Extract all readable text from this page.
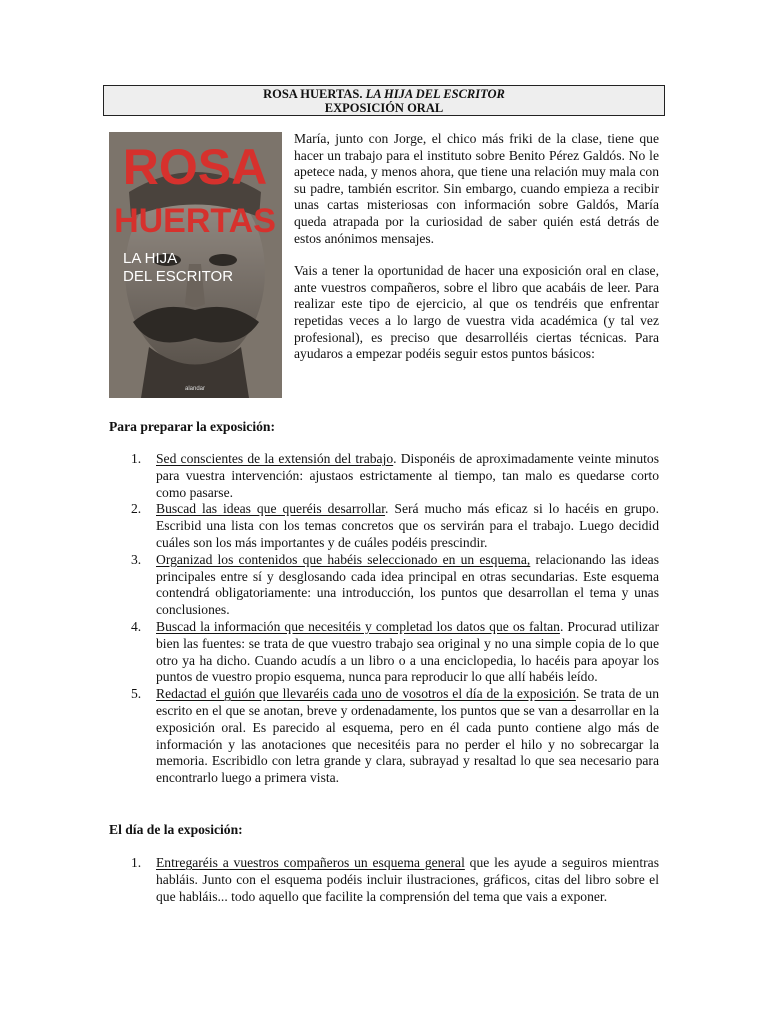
ROSA HUERTAS. LA HIJA DEL ESCRITOR
EXPOSICIÓN ORAL
ROSA
HUERTAS
LA HIJA
DEL ESCRITOR
alandar

María, junto con Jorge, el chico más friki de la clase, tiene que hacer un trabajo para el instituto sobre Benito Pérez Galdós. No le apetece nada, y menos ahora, que tiene una relación muy mala con su padre, también escritor. Sin embargo, cuando empieza a recibir unas cartas misteriosas con información sobre Galdós, María queda atrapada por la curiosidad de saber quién está detrás de estos anónimos mensajes.

Vais a tener la oportunidad de hacer una exposición oral en clase, ante vuestros compañeros, sobre el libro que acabáis de leer. Para realizar este tipo de ejercicio, al que os tendréis que enfrentar repetidas veces a lo largo de vuestra vida académica (y tal vez profesional), es preciso que desarrolléis ciertas técnicas. Para ayudaros a empezar podéis seguir estos puntos básicos:

Para preparar la exposición:
1. Sed conscientes de la extensión del trabajo. Disponéis de aproximadamente veinte minutos para vuestra intervención: ajustaos estrictamente al tiempo, tan malo es quedarse corto como pasarse.
2. Buscad las ideas que queréis desarrollar. Será mucho más eficaz si lo hacéis en grupo. Escribid una lista con los temas concretos que os servirán para el trabajo. Luego decidid cuáles son los más importantes y de cuáles podéis prescindir.
3. Organizad los contenidos que habéis seleccionado en un esquema, relacionando las ideas principales entre sí y desglosando cada idea principal en otras secundarias. Este esquema contendrá obligatoriamente: una introducción, los puntos que desarrollan el tema y unas conclusiones.
4. Buscad la información que necesitéis y completad los datos que os faltan. Procurad utilizar bien las fuentes: se trata de que vuestro trabajo sea original y no una simple copia de lo que otro ya ha dicho. Cuando acudís a un libro o a una enciclopedia, lo hacéis para apoyar los puntos de vuestro propio esquema, nunca para reproducir lo que allí habéis leído.
5. Redactad el guión que llevaréis cada uno de vosotros el día de la exposición. Se trata de un escrito en el que se anotan, breve y ordenadamente, los puntos que se van a desarrollar en la exposición oral. Es parecido al esquema, pero en él cada punto contiene algo más de información y las anotaciones que necesitéis para no perder el hilo y no sobrecargar la memoria. Escribidlo con letra grande y clara, subrayad y resaltad lo que sea necesario para encontrarlo luego a primera vista.
El día de la exposición:
1. Entregaréis a vuestros compañeros un esquema general que les ayude a seguiros mientras habláis. Junto con el esquema podéis incluir ilustraciones, gráficos, citas del libro sobre el que habláis... todo aquello que facilite la comprensión del tema que vais a exponer.
